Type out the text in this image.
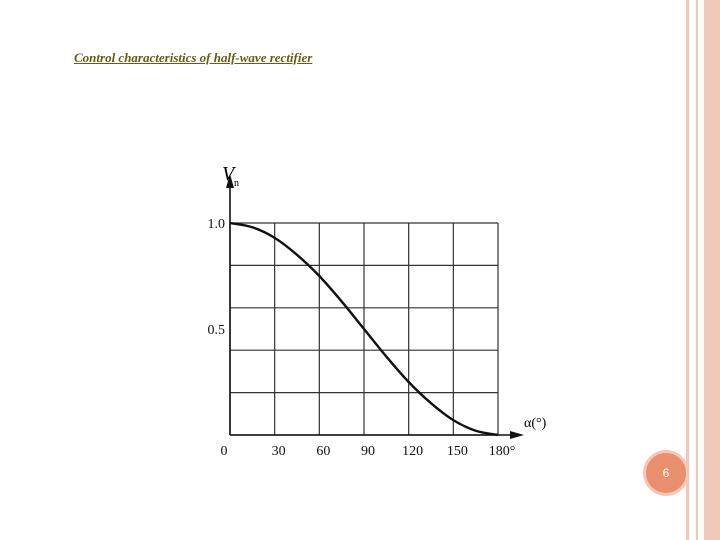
Control characteristics of half-wave rectifier
0	30 60 90 120 150 180°
0.5
1.0
V n
α(°)
6
